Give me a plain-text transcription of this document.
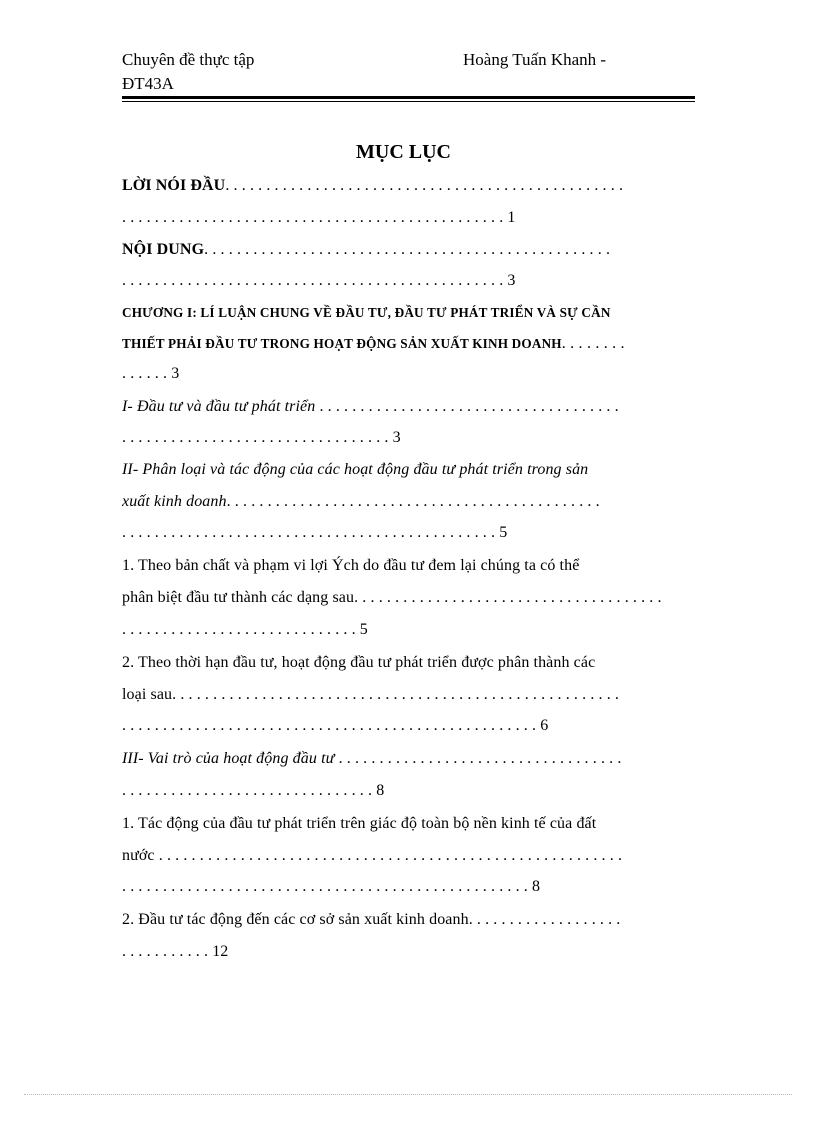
Chuyên đề thực tập	Hoàng Tuấn Khanh -
ĐT43A
MỤC LỤC
LỜI NÓI ĐẦU. . . . . . . . . . . . . . . . . . . . . . . . . . . . . . . . . . . . . . . . . . . . . . . . .
. . . . . . . . . . . . . . . . . . . . . . . . . . . . . . . . . . . . . . . . . . . . . . . 1
NỘI DUNG. . . . . . . . . . . . . . . . . . . . . . . . . . . . . . . . . . . . . . . . . . . . . . . . . .
. . . . . . . . . . . . . . . . . . . . . . . . . . . . . . . . . . . . . . . . . . . . . . . 3
CHƯƠNG I: LÍ LUẬN CHUNG VỀ ĐẦU TƯ, ĐẦU TƯ PHÁT TRIỂN VÀ SỰ CẦN
THIẾT PHẢI ĐẦU TƯ TRONG HOẠT ĐỘNG SẢN XUẤT KINH DOANH. . . . . . . .
. . . . . . 3
I- Đầu tư và đầu tư phát triển . . . . . . . . . . . . . . . . . . . . . . . . . . . . . . . . . . . . .
. . . . . . . . . . . . . . . . . . . . . . . . . . . . . . . . . 3
II- Phân loại và tác động của các hoạt động đầu tư phát triển trong sản
xuất kinh doanh. . . . . . . . . . . . . . . . . . . . . . . . . . . . . . . . . . . . . . . . . . . . . .
. . . . . . . . . . . . . . . . . . . . . . . . . . . . . . . . . . . . . . . . . . . . . . 5
1. Theo bản chất và phạm vi lợi Ých do đầu tư đem lại chúng ta có thể
phân biệt đầu tư thành các dạng sau. . . . . . . . . . . . . . . . . . . . . . . . . . . . . . . . . . . . . .
. . . . . . . . . . . . . . . . . . . . . . . . . . . . . 5
2. Theo thời hạn đầu tư, hoạt động đầu tư phát triển được phân thành các
loại sau. . . . . . . . . . . . . . . . . . . . . . . . . . . . . . . . . . . . . . . . . . . . . . . . . . . . . . .
. . . . . . . . . . . . . . . . . . . . . . . . . . . . . . . . . . . . . . . . . . . . . . . . . . . 6
III- Vai trò của hoạt động đầu tư . . . . . . . . . . . . . . . . . . . . . . . . . . . . . . . . . . .
. . . . . . . . . . . . . . . . . . . . . . . . . . . . . . . 8
1. Tác động của đầu tư phát triển trên giác độ toàn bộ nền kinh tế của đất
nước . . . . . . . . . . . . . . . . . . . . . . . . . . . . . . . . . . . . . . . . . . . . . . . . . . . . . . . . .
. . . . . . . . . . . . . . . . . . . . . . . . . . . . . . . . . . . . . . . . . . . . . . . . . . 8
2. Đầu tư tác động đến các cơ sở sản xuất kinh doanh. . . . . . . . . . . . . . . . . . .
. . . . . . . . . . . 12
